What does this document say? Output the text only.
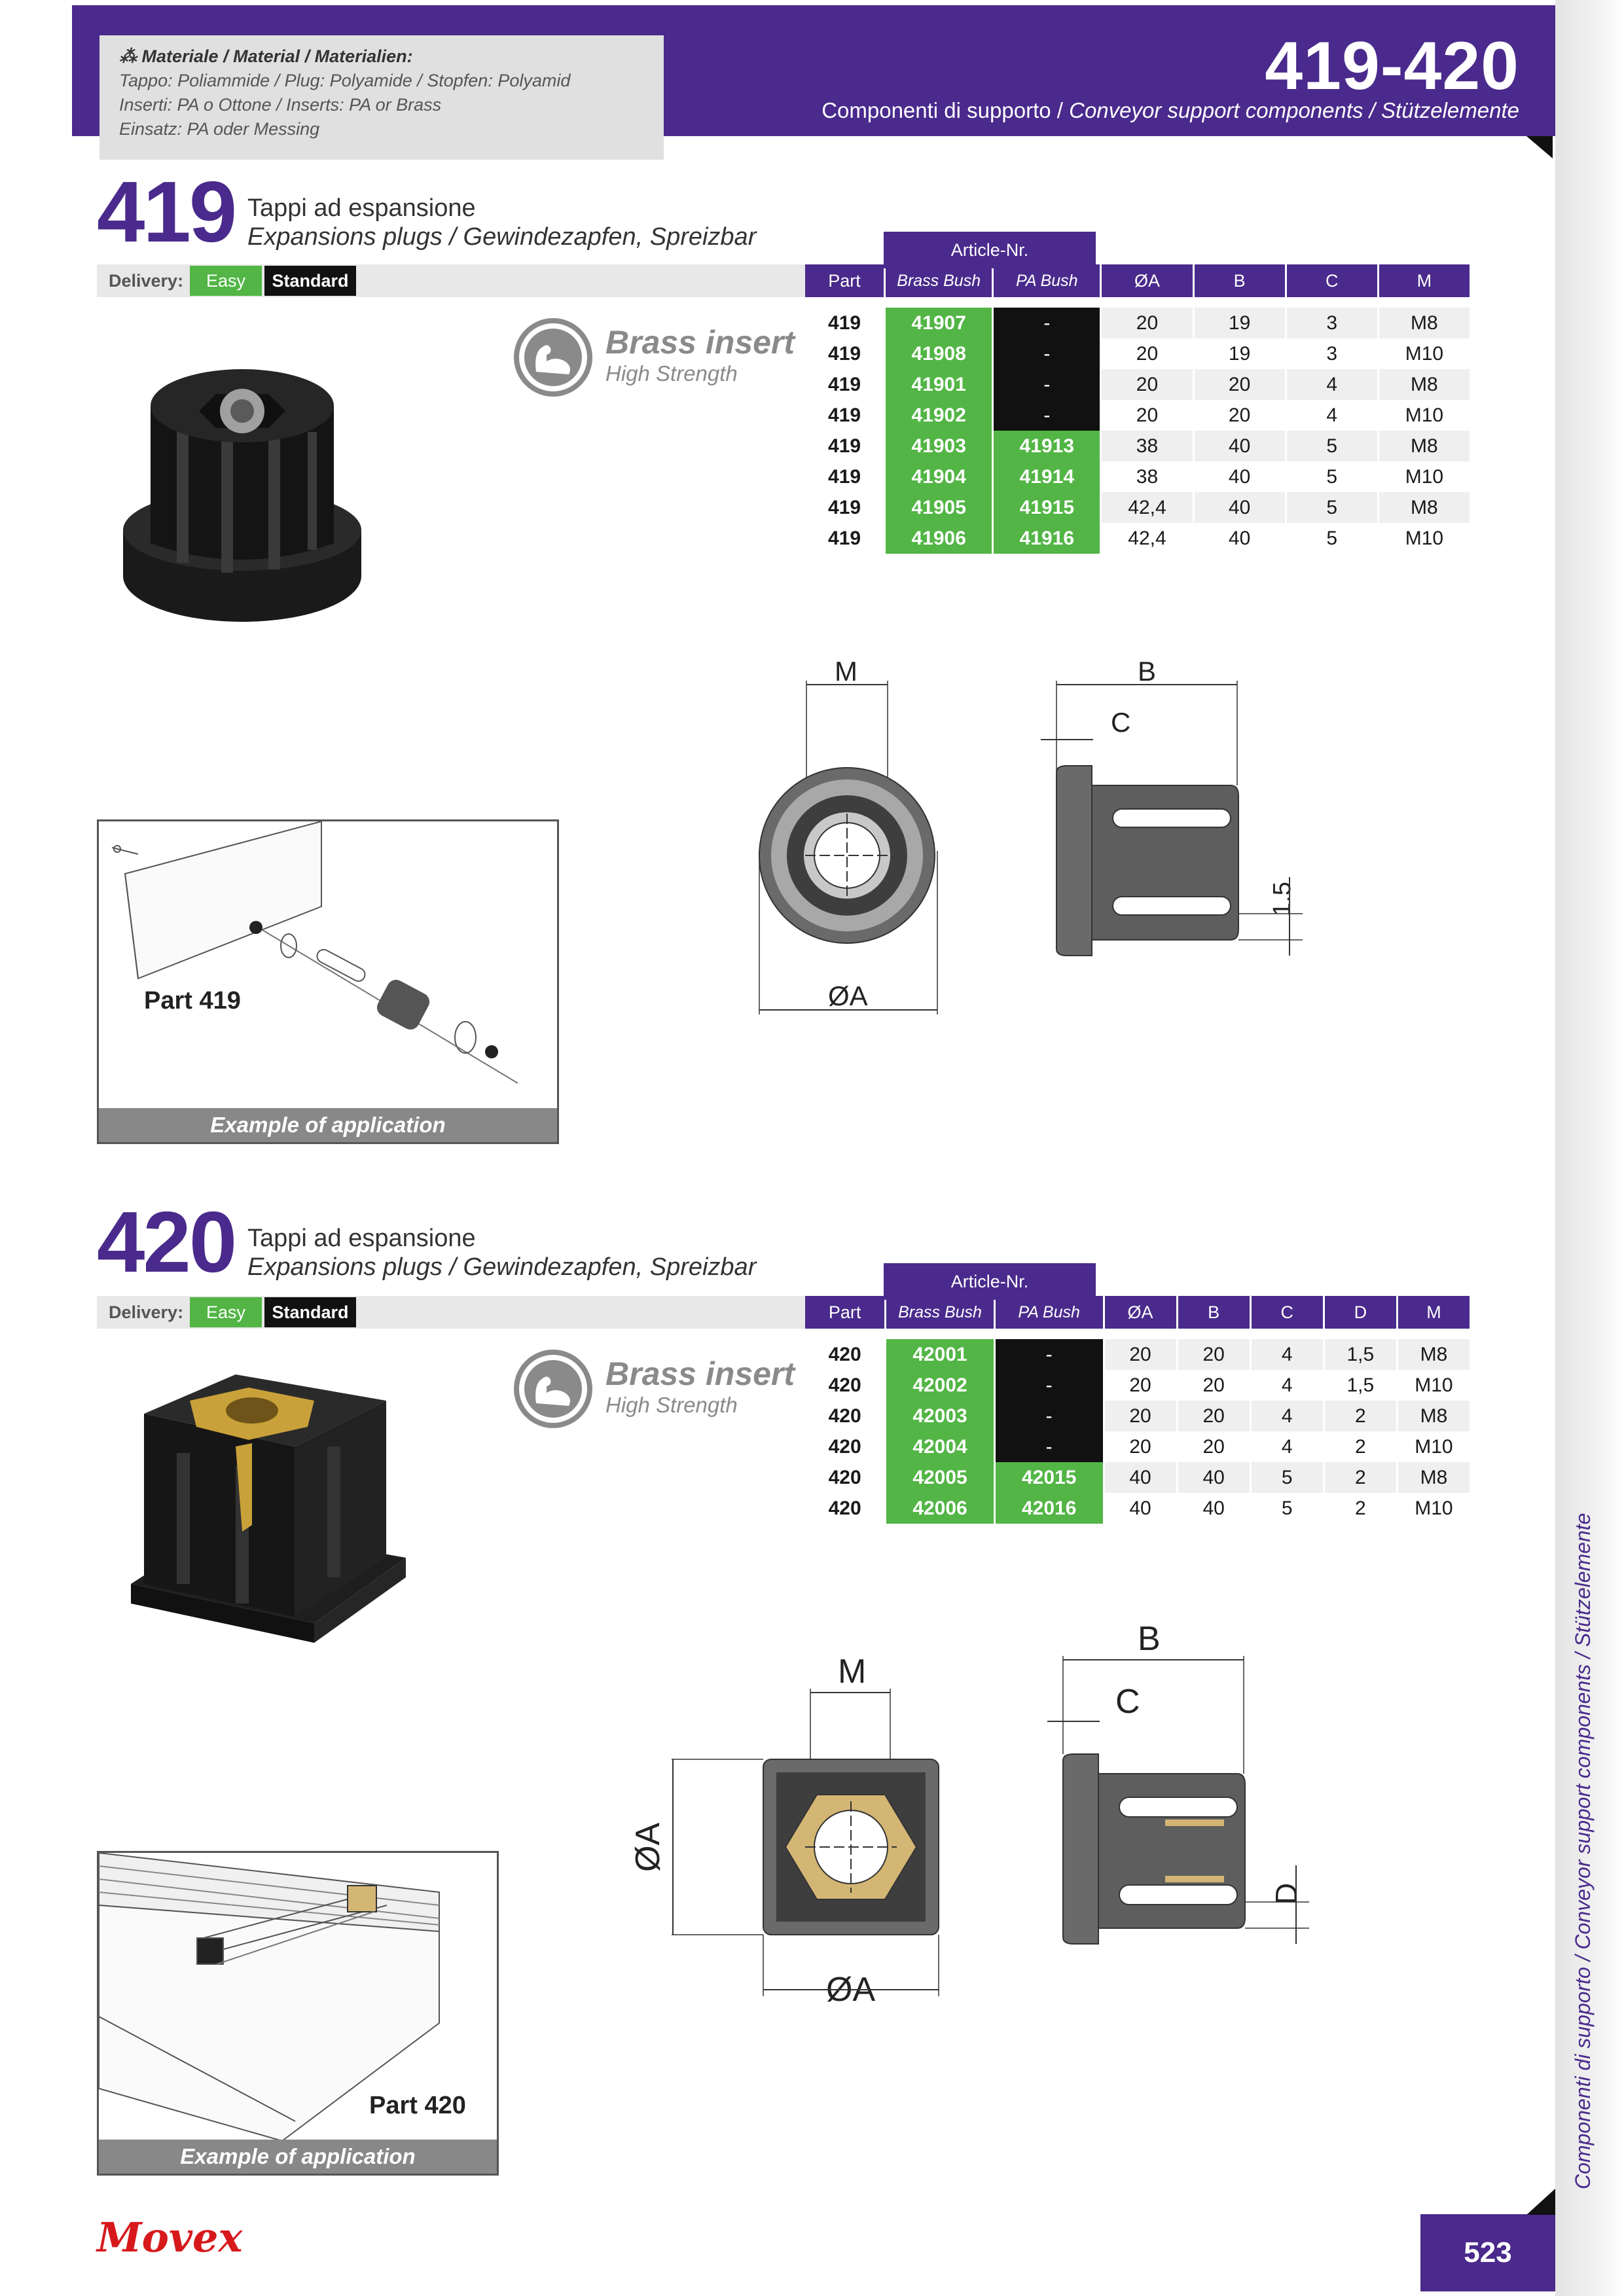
⁂ Materiale / Material / Materialien:
Tappo: Poliammide / Plug: Polyamide / Stopfen: Polyamid
Inserti: PA o Ottone / Inserts: PA or Brass
Einsatz: PA oder Messing
419-420
Componenti di supporto / Conveyor support components / Stützelemente
Componenti di supporto / Conveyor support components / Stützelemente
419 Tappi ad espansione
Expansions plugs / Gewindezapfen, Spreizbar
Delivery:	Easy	Standard
Article-Nr.
Part	Brass Bush	PA Bush	ØA	B	C	M

419	41907	-	20	19	3	M8
419	41908	-	20	19	3	M10
419	41901	-	20	20	4	M8
419	41902	-	20	20	4	M10
419	41903	41913	38	40	5	M8
419	41904	41914	38	40	5	M10
419	41905	41915	42,4	40	5	M8
419	41906	41916	42,4	40	5	M10
Brass insert
High Strength
M
ØA
B
C
1.5
Example of application
Part 419
420 Tappi ad espansione
Expansions plugs / Gewindezapfen, Spreizbar
Delivery:	Easy	Standard
Article-Nr.
Part	Brass Bush	PA Bush	ØA	B	C	D	M

420	42001	-	20	20	4	1,5	M8
420	42002	-	20	20	4	1,5	M10
420	42003	-	20	20	4	2	M8
420	42004	-	20	20	4	2	M10
420	42005	42015	40	40	5	2	M8
420	42006	42016	40	40	5	2	M10
Brass insert
High Strength
M
ØA
ØA
B
C
D
Example of application
Part 420
Movex	523
